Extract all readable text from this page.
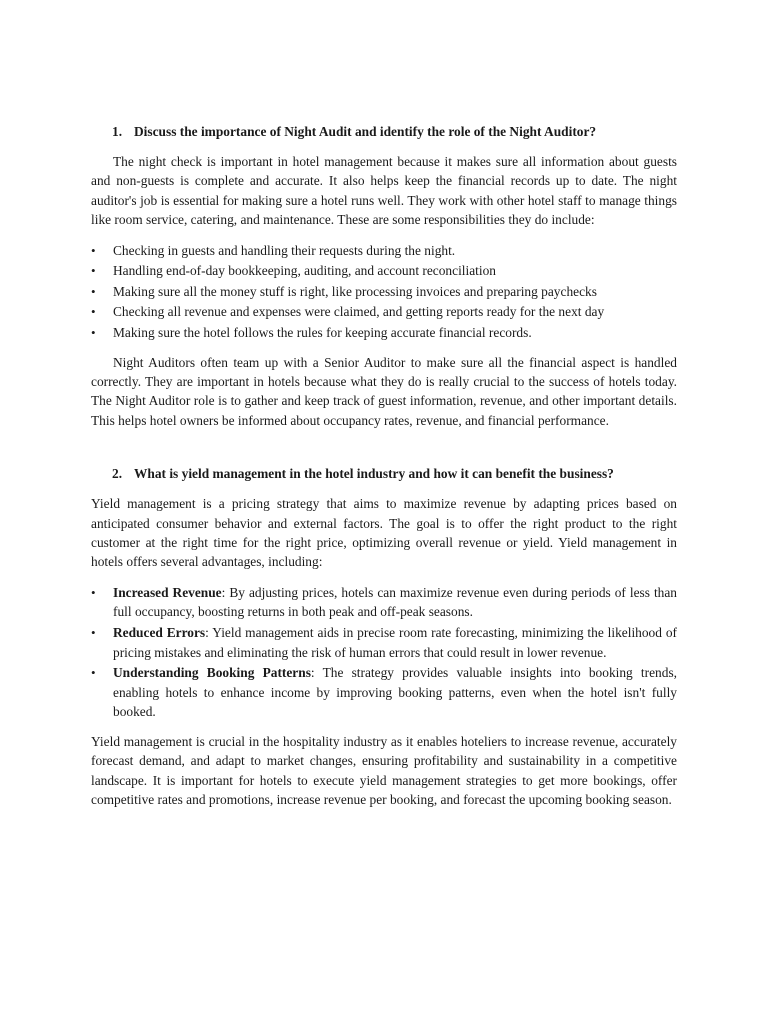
1. Discuss the importance of Night Audit and identify the role of the Night Auditor?

The night check is important in hotel management because it makes sure all information about guests and non-guests is complete and accurate. It also helps keep the financial records up to date. The night auditor's job is essential for making sure a hotel runs well. They work with other hotel staff to manage things like room service, catering, and maintenance. These are some responsibilities they do include:

•	Checking in guests and handling their requests during the night.
•	Handling end-of-day bookkeeping, auditing, and account reconciliation
•	Making sure all the money stuff is right, like processing invoices and preparing paychecks
•	Checking all revenue and expenses were claimed, and getting reports ready for the next day
•	Making sure the hotel follows the rules for keeping accurate financial records.

Night Auditors often team up with a Senior Auditor to make sure all the financial aspect is handled correctly. They are important in hotels because what they do is really crucial to the success of hotels today. The Night Auditor role is to gather and keep track of guest information, revenue, and other important details. This helps hotel owners be informed about occupancy rates, revenue, and financial performance.

2. What is yield management in the hotel industry and how it can benefit the business?

Yield management is a pricing strategy that aims to maximize revenue by adapting prices based on anticipated consumer behavior and external factors. The goal is to offer the right product to the right customer at the right time for the right price, optimizing overall revenue or yield. Yield management in hotels offers several advantages, including:

•	Increased Revenue: By adjusting prices, hotels can maximize revenue even during periods of less than full occupancy, boosting returns in both peak and off-peak seasons.
•	Reduced Errors: Yield management aids in precise room rate forecasting, minimizing the likelihood of pricing mistakes and eliminating the risk of human errors that could result in lower revenue.
•	Understanding Booking Patterns: The strategy provides valuable insights into booking trends, enabling hotels to enhance income by improving booking patterns, even when the hotel isn't fully booked.

Yield management is crucial in the hospitality industry as it enables hoteliers to increase revenue, accurately forecast demand, and adapt to market changes, ensuring profitability and sustainability in a competitive landscape. It is important for hotels to execute yield management strategies to get more bookings, offer competitive rates and promotions, increase revenue per booking, and forecast the upcoming booking season.
